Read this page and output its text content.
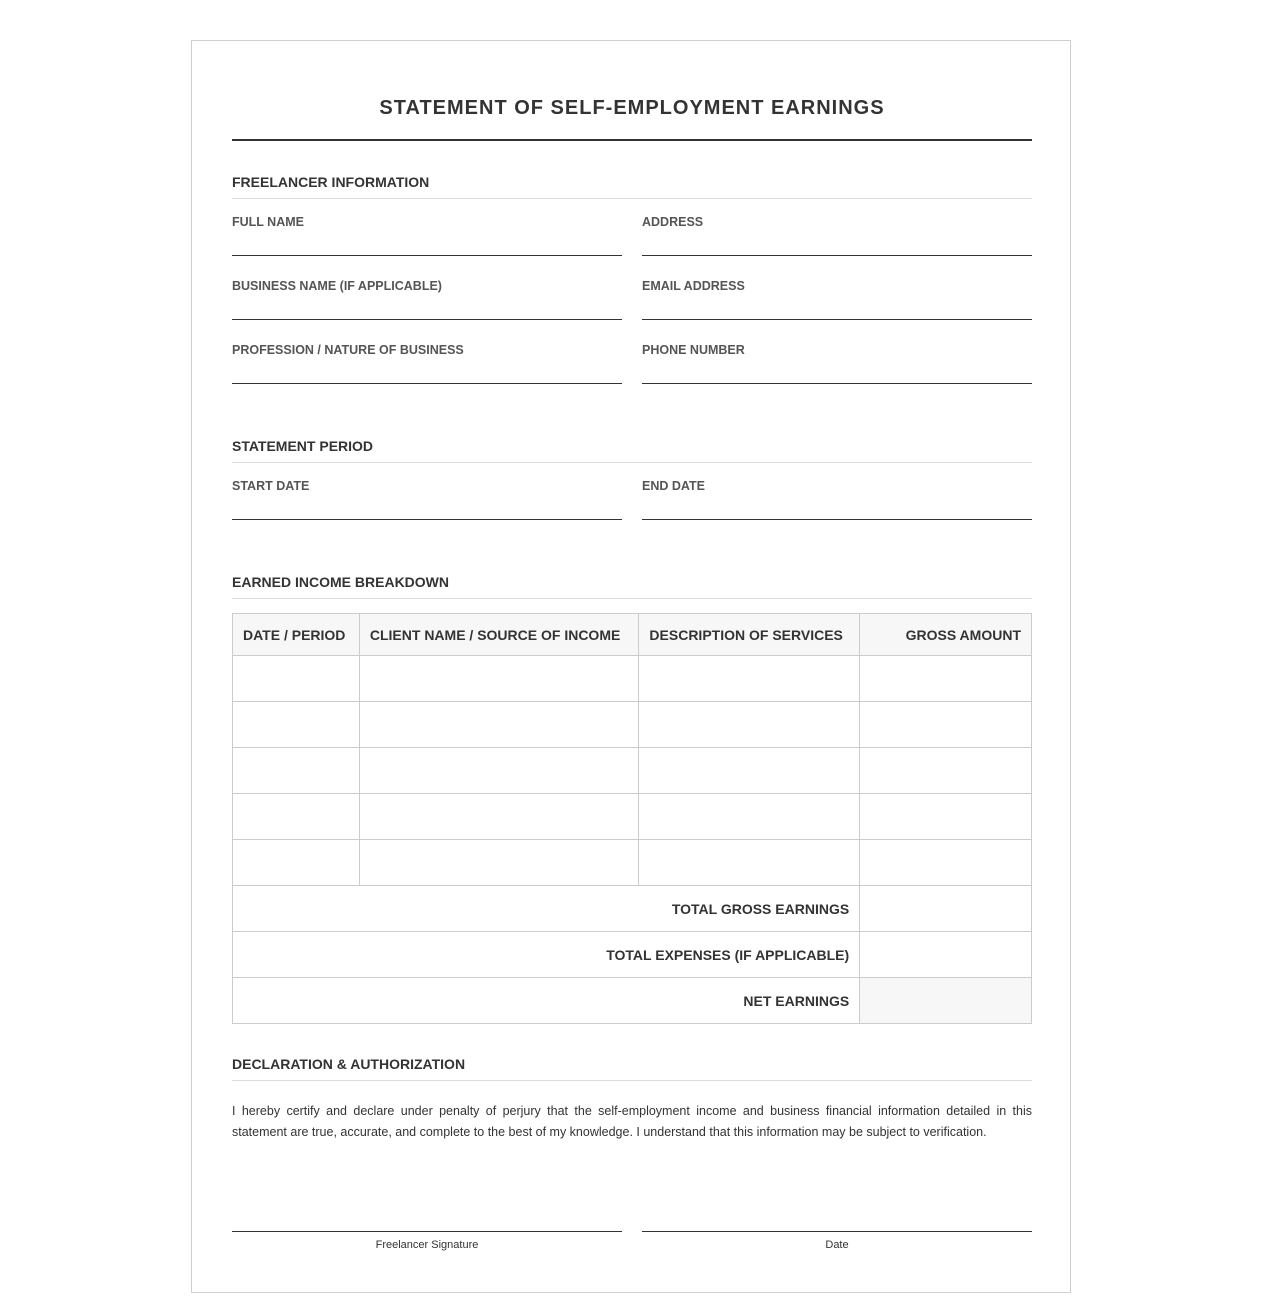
STATEMENT OF SELF-EMPLOYMENT EARNINGS
FREELANCER INFORMATION
FULL NAME	ADDRESS
BUSINESS NAME (IF APPLICABLE)	EMAIL ADDRESS
PROFESSION / NATURE OF BUSINESS	PHONE NUMBER
STATEMENT PERIOD
START DATE	END DATE
EARNED INCOME BREAKDOWN
DATE / PERIOD	CLIENT NAME / SOURCE OF INCOME	DESCRIPTION OF SERVICES	GROSS AMOUNT

TOTAL GROSS EARNINGS			
TOTAL EXPENSES (IF APPLICABLE)			
NET EARNINGS			
DECLARATION & AUTHORIZATION
I hereby certify and declare under penalty of perjury that the self-employment income and business financial information detailed in this statement are true, accurate, and complete to the best of my knowledge. I understand that this information may be subject to verification.
Freelancer Signature	Date
